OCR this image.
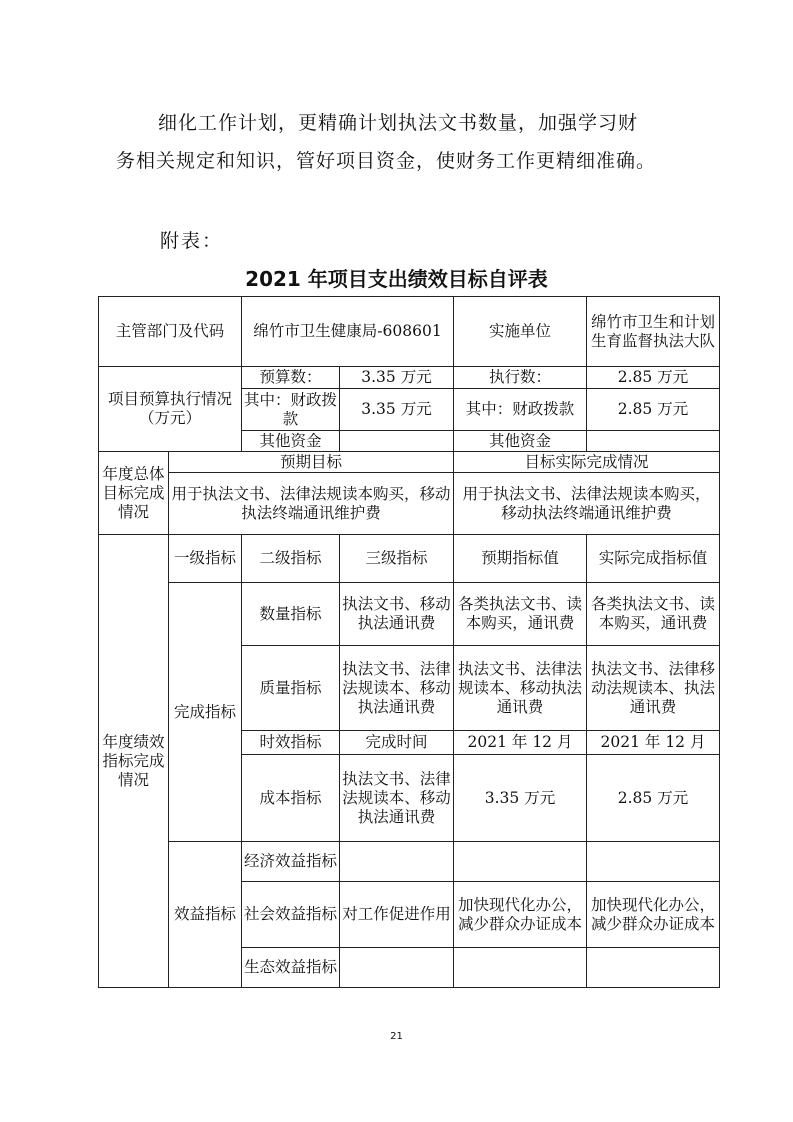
细化工作计划，更精确计划执法文书数量，加强学习财
务相关规定和知识，管好项目资金，使财务工作更精细准确。
附表：
2021 年项目支出绩效目标自评表
主管部门及代码		绵竹市卫生健康局-608601		实施单位	绵竹市卫生和计划生育监督执法大队
项目预算执行情况（万元）		预算数：	3.35 万元	执行数：	2.85 万元
		其中：财政拨款	3.35 万元	其中：财政拨款	2.85 万元
		其他资金		其他资金	
年度总体目标完成情况	预期目标			目标实际完成情况	
	用于执法文书、法律法规读本购买，移动执法终端通讯维护费			用于执法文书、法律法规读本购买，移动执法终端通讯维护费	
年度绩效指标完成情况	一级指标	二级指标	三级指标	预期指标值	实际完成指标值
	完成指标	数量指标	执法文书、移动执法通讯费	各类执法文书、读本购买，通讯费	各类执法文书、读本购买，通讯费
		质量指标	执法文书、法律法规读本、移动执法通讯费	执法文书、法律法规读本、移动执法通讯费	执法文书、法律移动法规读本、执法通讯费
		时效指标	完成时间	2021 年 12 月	2021 年 12 月
		成本指标	执法文书、法律法规读本、移动执法通讯费	3.35 万元	2.85 万元
	效益指标	经济效益指标			
		社会效益指标	对工作促进作用	加快现代化办公，减少群众办证成本	加快现代化办公，减少群众办证成本
		生态效益指标			
21
